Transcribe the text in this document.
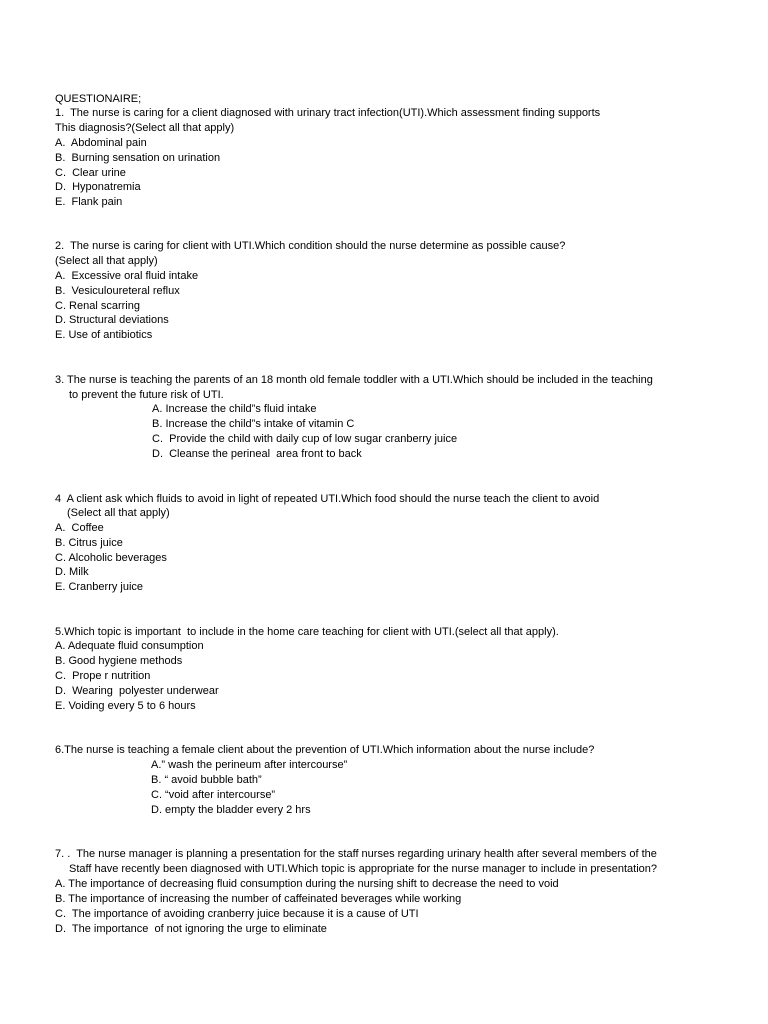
QUESTIONAIRE;
1.  The nurse is caring for a client diagnosed with urinary tract infection(UTI).Which assessment finding supports
This diagnosis?(Select all that apply)
A.  Abdominal pain
B.  Burning sensation on urination
C.  Clear urine
D.  Hyponatremia
E.  Flank pain
2.  The nurse is caring for client with UTI.Which condition should the nurse determine as possible cause?
(Select all that apply)
A.  Excessive oral fluid intake
B.  Vesiculoureteral reflux
C. Renal scarring
D. Structural deviations
E. Use of antibiotics
3. The nurse is teaching the parents of an 18 month old female toddler with a UTI.Which should be included in the teaching
to prevent the future risk of UTI.
A. Increase the child”s fluid intake
B. Increase the child”s intake of vitamin C
C.  Provide the child with daily cup of low sugar cranberry juice
D.  Cleanse the perineal  area front to back
4  A client ask which fluids to avoid in light of repeated UTI.Which food should the nurse teach the client to avoid
(Select all that apply)
A.  Coffee
B. Citrus juice
C. Alcoholic beverages
D. Milk
E. Cranberry juice
5.Which topic is important  to include in the home care teaching for client with UTI.(select all that apply).
A. Adequate fluid consumption
B. Good hygiene methods
C.  Prope r nutrition
D.  Wearing  polyester underwear
E. Voiding every 5 to 6 hours
6.The nurse is teaching a female client about the prevention of UTI.Which information about the nurse include?
A.” wash the perineum after intercourse”
B. “ avoid bubble bath”
C. “void after intercourse”
D. empty the bladder every 2 hrs
7. .  The nurse manager is planning a presentation for the staff nurses regarding urinary health after several members of the
Staff have recently been diagnosed with UTI.Which topic is appropriate for the nurse manager to include in presentation?
A. The importance of decreasing fluid consumption during the nursing shift to decrease the need to void
B. The importance of increasing the number of caffeinated beverages while working
C.  The importance of avoiding cranberry juice because it is a cause of UTI
D.  The importance  of not ignoring the urge to eliminate
